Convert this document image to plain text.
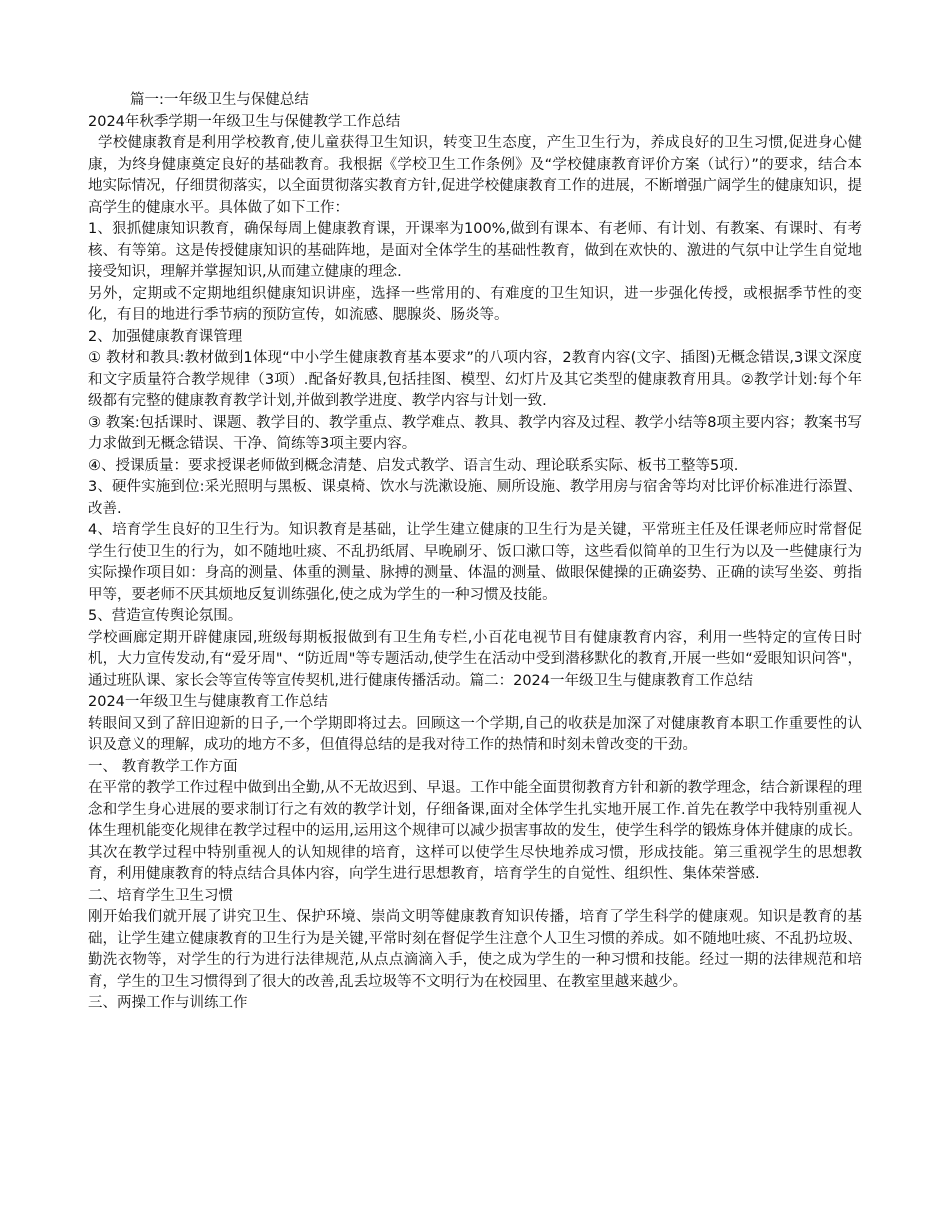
篇一:一年级卫生与保健总结

2024年秋季学期一年级卫生与保健教学工作总结

学校健康教育是利用学校教育,使儿童获得卫生知识，转变卫生态度，产生卫生行为，养成良好的卫生习惯,促进身心健康，为终身健康奠定良好的基础教育。我根据《学校卫生工作条例》及“学校健康教育评价方案（试行）”的要求，结合本地实际情况，仔细贯彻落实，以全面贯彻落实教育方针,促进学校健康教育工作的进展，不断增强广阔学生的健康知识，提高学生的健康水平。具体做了如下工作：

1、狠抓健康知识教育，确保每周上健康教育课，开课率为100%,做到有课本、有老师、有计划、有教案、有课时、有考核、有等第。这是传授健康知识的基础阵地，是面对全体学生的基础性教育，做到在欢快的、激进的气氛中让学生自觉地接受知识，理解并掌握知识,从而建立健康的理念.

另外，定期或不定期地组织健康知识讲座，选择一些常用的、有难度的卫生知识，进一步强化传授，或根据季节性的变化，有目的地进行季节病的预防宣传，如流感、腮腺炎、肠炎等。

2、加强健康教育课管理

① 教材和教具:教材做到1体现“中小学生健康教育基本要求”的八项内容，2教育内容(文字、插图)无概念错误,3课文深度和文字质量符合教学规律（3项）.配备好教具,包括挂图、模型、幻灯片及其它类型的健康教育用具。②教学计划:每个年级都有完整的健康教育教学计划,并做到教学进度、教学内容与计划一致.

③ 教案:包括课时、课题、教学目的、教学重点、教学难点、教具、教学内容及过程、教学小结等8项主要内容；教案书写力求做到无概念错误、干净、简练等3项主要内容。

④、授课质量：要求授课老师做到概念清楚、启发式教学、语言生动、理论联系实际、板书工整等5项.

3、硬件实施到位:采光照明与黑板、课桌椅、饮水与洗漱设施、厕所设施、教学用房与宿舍等均对比评价标准进行添置、改善.

4、培育学生良好的卫生行为。知识教育是基础，让学生建立健康的卫生行为是关键，平常班主任及任课老师应时常督促学生行使卫生的行为，如不随地吐痰、不乱扔纸屑、早晚刷牙、饭口漱口等，这些看似简单的卫生行为以及一些健康行为实际操作项目如：身高的测量、体重的测量、脉搏的测量、体温的测量、做眼保健操的正确姿势、正确的读写坐姿、剪指甲等，要老师不厌其烦地反复训练强化,使之成为学生的一种习惯及技能。

5、营造宣传舆论氛围。

学校画廊定期开辟健康园,班级每期板报做到有卫生角专栏,小百花电视节目有健康教育内容，利用一些特定的宣传日时机，大力宣传发动,有“爱牙周"、“防近周"等专题活动,使学生在活动中受到潜移默化的教育,开展一些如“爱眼知识问答"，通过班队课、家长会等宣传等宣传契机,进行健康传播活动。篇二：2024一年级卫生与健康教育工作总结

2024一年级卫生与健康教育工作总结

转眼间又到了辞旧迎新的日子,一个学期即将过去。回顾这一个学期,自己的收获是加深了对健康教育本职工作重要性的认识及意义的理解，成功的地方不多，但值得总结的是我对待工作的热情和时刻未曾改变的干劲。

一、 教育教学工作方面

在平常的教学工作过程中做到出全勤,从不无故迟到、早退。工作中能全面贯彻教育方针和新的教学理念，结合新课程的理念和学生身心进展的要求制订行之有效的教学计划，仔细备课,面对全体学生扎实地开展工作.首先在教学中我特别重视人体生理机能变化规律在教学过程中的运用,运用这个规律可以减少损害事故的发生，使学生科学的锻炼身体并健康的成长。其次在教学过程中特别重视人的认知规律的培育，这样可以使学生尽快地养成习惯，形成技能。第三重视学生的思想教育，利用健康教育的特点结合具体内容，向学生进行思想教育，培育学生的自觉性、组织性、集体荣誉感.

二、培育学生卫生习惯

刚开始我们就开展了讲究卫生、保护环境、崇尚文明等健康教育知识传播，培育了学生科学的健康观。知识是教育的基础，让学生建立健康教育的卫生行为是关键,平常时刻在督促学生注意个人卫生习惯的养成。如不随地吐痰、不乱扔垃圾、勤洗衣物等，对学生的行为进行法律规范,从点点滴滴入手，使之成为学生的一种习惯和技能。经过一期的法律规范和培育，学生的卫生习惯得到了很大的改善,乱丢垃圾等不文明行为在校园里、在教室里越来越少。

三、两操工作与训练工作
